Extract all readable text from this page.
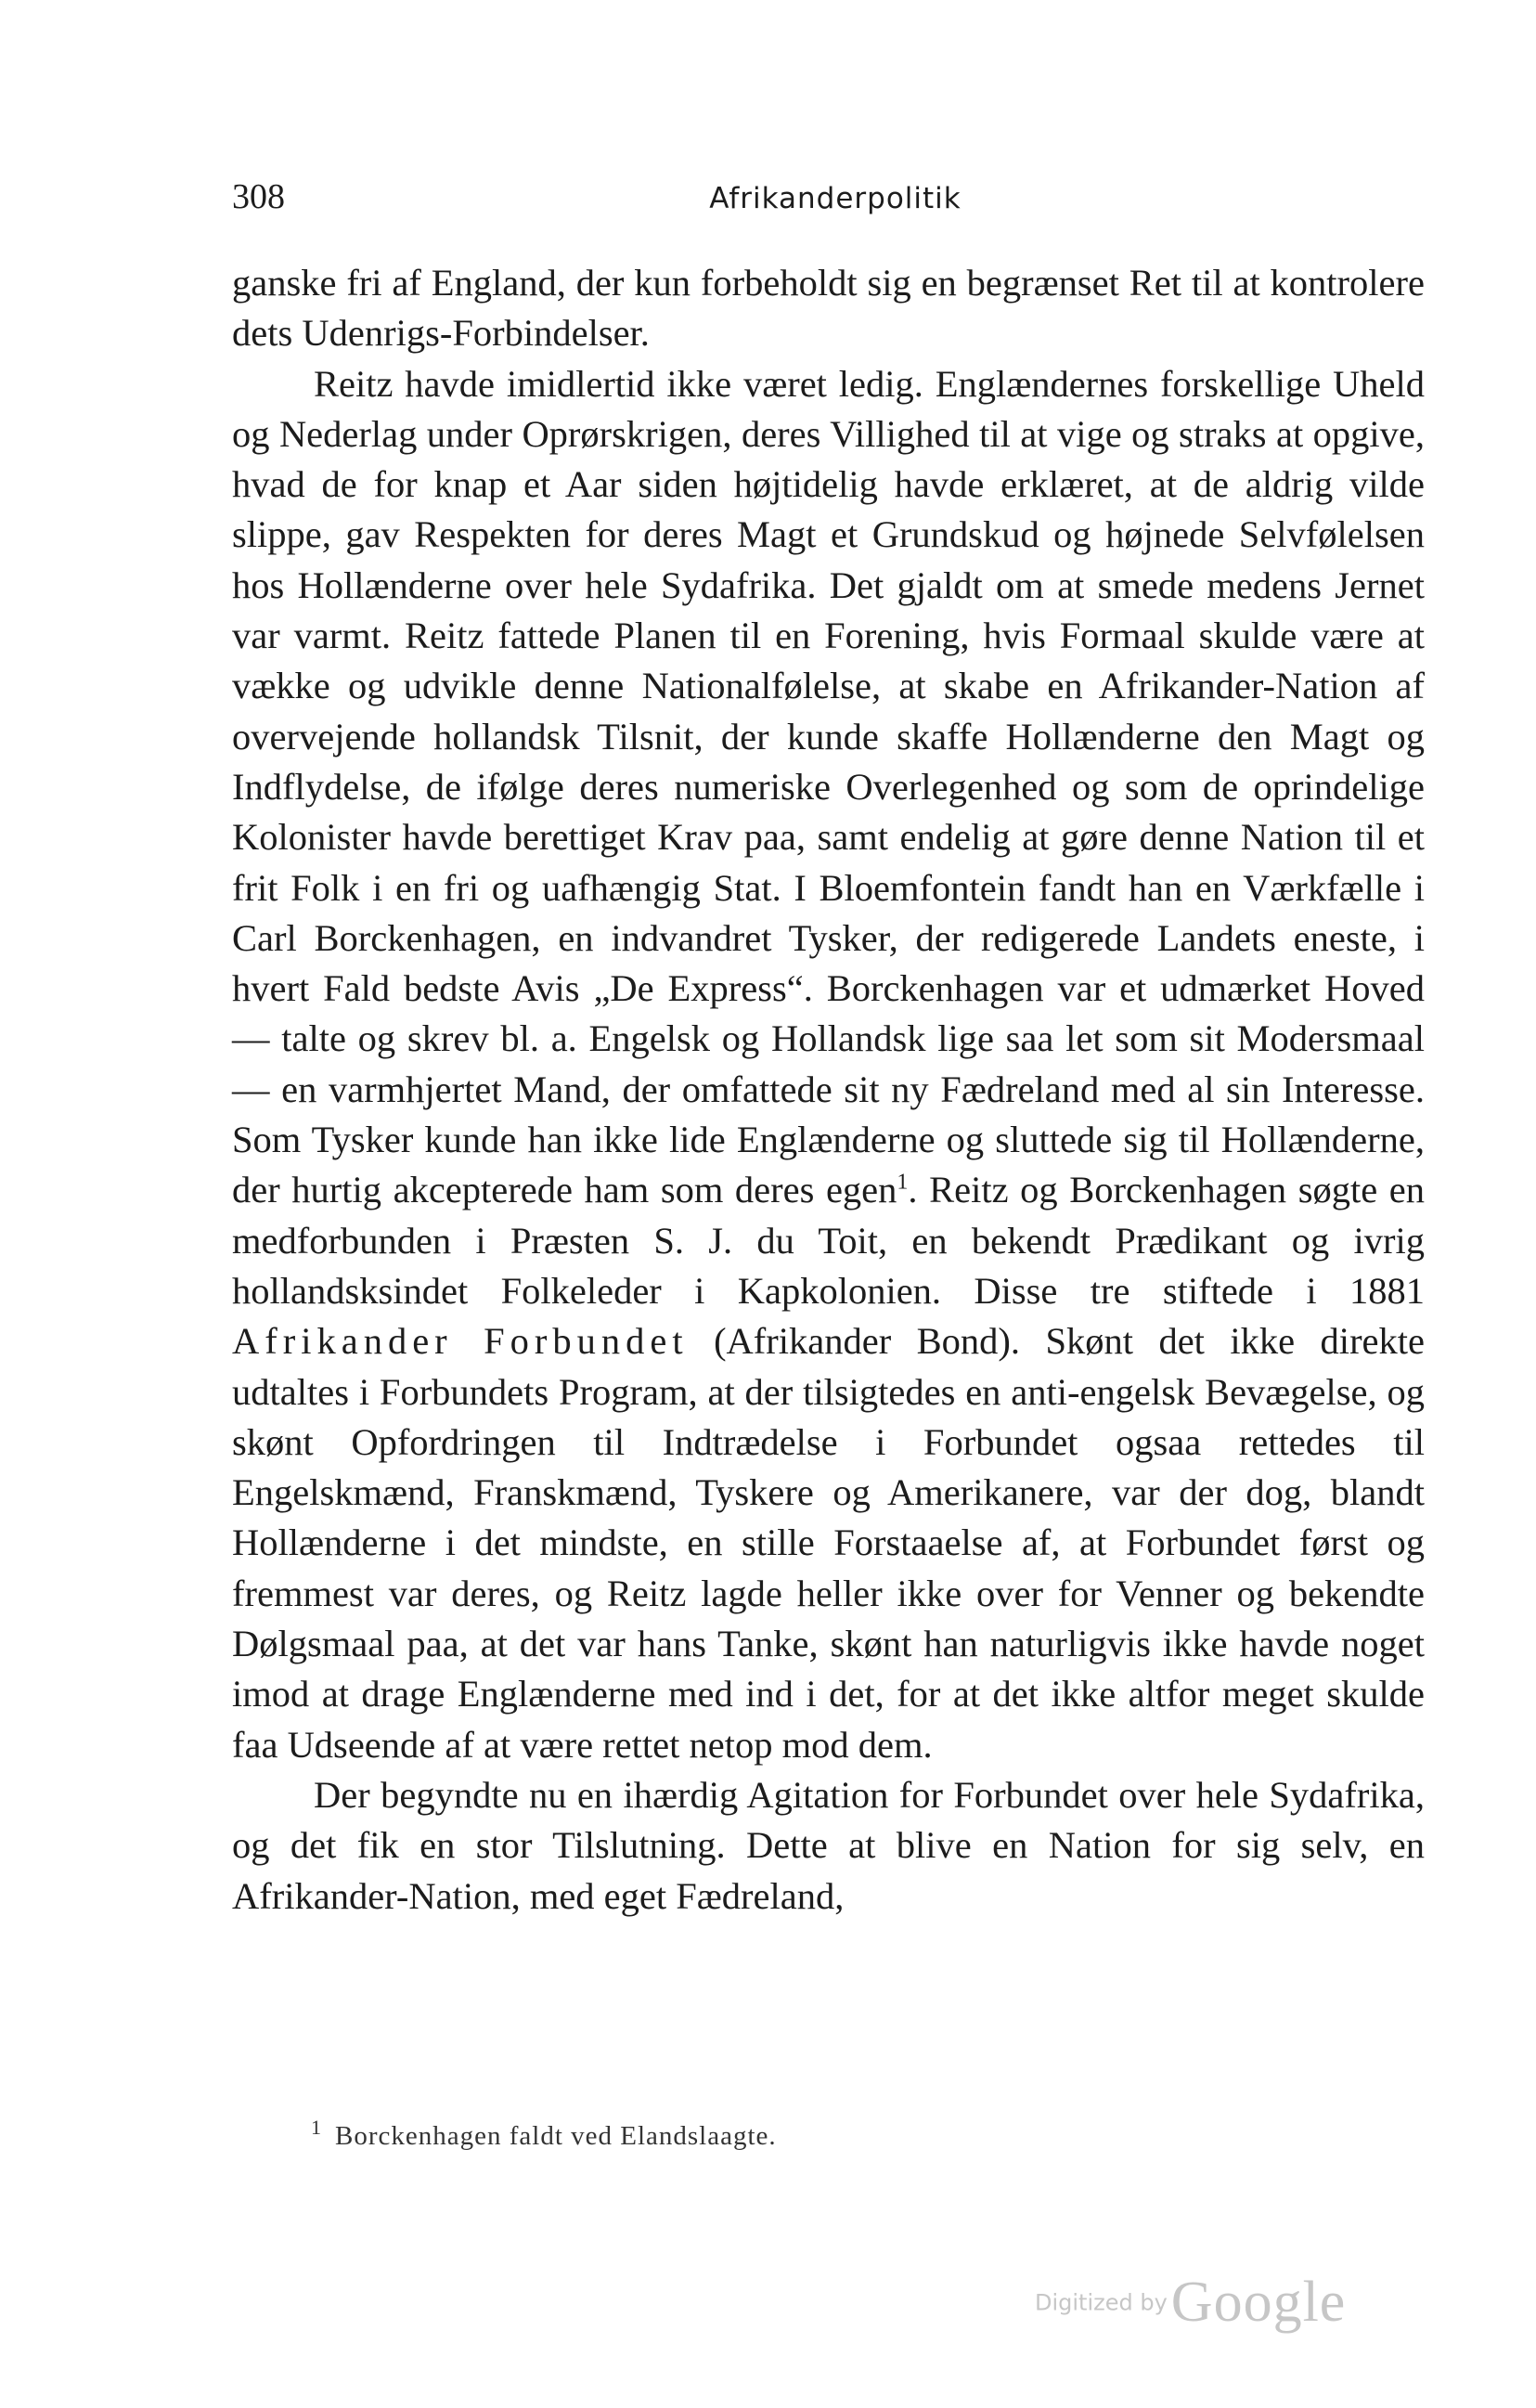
308	Afrikanderpolitik

ganske fri af England, der kun forbeholdt sig en begrænset Ret til at kontrolere dets Udenrigs-Forbindelser.

Reitz havde imidlertid ikke været ledig. Englændernes forskellige Uheld og Nederlag under Oprørskrigen, deres Villighed til at vige og straks at opgive, hvad de for knap et Aar siden højtidelig havde erklæret, at de aldrig vilde slippe, gav Respekten for deres Magt et Grundskud og højnede Selvfølelsen hos Hollænderne over hele Sydafrika. Det gjaldt om at smede medens Jernet var varmt. Reitz fattede Planen til en Forening, hvis Formaal skulde være at vække og udvikle denne Nationalfølelse, at skabe en Afrikander-Nation af overvejende hollandsk Tilsnit, der kunde skaffe Hollænderne den Magt og Indflydelse, de ifølge deres numeriske Overlegenhed og som de oprindelige Kolonister havde berettiget Krav paa, samt endelig at gøre denne Nation til et frit Folk i en fri og uafhængig Stat. I Bloemfontein fandt han en Værkfælle i Carl Borckenhagen, en indvandret Tysker, der redigerede Landets eneste, i hvert Fald bedste Avis „De Express“. Borckenhagen var et udmærket Hoved — talte og skrev bl. a. Engelsk og Hollandsk lige saa let som sit Modersmaal — en varmhjertet Mand, der omfattede sit ny Fædreland med al sin Interesse. Som Tysker kunde han ikke lide Englænderne og sluttede sig til Hollænderne, der hurtig akcepterede ham som deres egen$^1$. Reitz og Borckenhagen søgte en medforbunden i Præsten S. J. du Toit, en bekendt Prædikant og ivrig hollandsksindet Folkeleder i Kapkolonien. Disse tre stiftede i 1881 Afrikander Forbundet (Afrikander Bond). Skønt det ikke direkte udtaltes i Forbundets Program, at der tilsigtedes en anti-engelsk Bevægelse, og skønt Opfordringen til Indtrædelse i Forbundet ogsaa rettedes til Engelskmænd, Franskmænd, Tyskere og Amerikanere, var der dog, blandt Hollænderne i det mindste, en stille Forstaaelse af, at Forbundet først og fremmest var deres, og Reitz lagde heller ikke over for Venner og bekendte Dølgsmaal paa, at det var hans Tanke, skønt han naturligvis ikke havde noget imod at drage Englænderne med ind i det, for at det ikke altfor meget skulde faa Udseende af at være rettet netop mod dem.

Der begyndte nu en ihærdig Agitation for Forbundet over hele Sydafrika, og det fik en stor Tilslutning. Dette at blive en Nation for sig selv, en Afrikander-Nation, med eget Fædreland,

$^1$ Borckenhagen faldt ved Elandslaagte.
Digitized by Google
